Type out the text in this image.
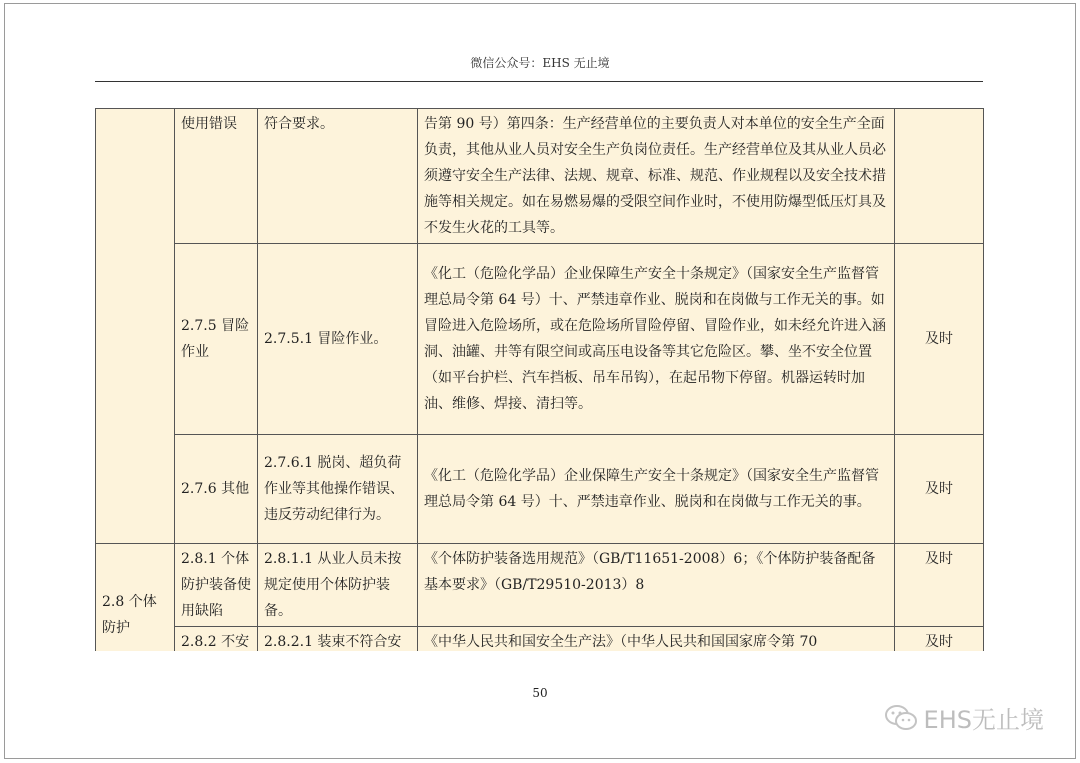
微信公众号：EHS 无止境
	使用错误	符合要求。	告第 90 号）第四条：生产经营单位的主要负责人对本单位的安全生产全面负责，其他从业人员对安全生产负岗位责任。生产经营单位及其从业人员必须遵守安全生产法律、法规、规章、标准、规范、作业规程以及安全技术措施等相关规定。如在易燃易爆的受限空间作业时，不使用防爆型低压灯具及不发生火花的工具等。	
	2.7.5 冒险作业	2.7.5.1 冒险作业。	《化工（危险化学品）企业保障生产安全十条规定》（国家安全生产监督管理总局令第 64 号）十、严禁违章作业、脱岗和在岗做与工作无关的事。如冒险进入危险场所，或在危险场所冒险停留、冒险作业，如未经允许进入涵洞、油罐、井等有限空间或高压电设备等其它危险区。攀、坐不安全位置（如平台护栏、汽车挡板、吊车吊钩），在起吊物下停留。机器运转时加油、维修、焊接、清扫等。	及时
	2.7.6 其他	2.7.6.1 脱岗、超负荷作业等其他操作错误、违反劳动纪律行为。	《化工（危险化学品）企业保障生产安全十条规定》（国家安全生产监督管理总局令第 64 号）十、严禁违章作业、脱岗和在岗做与工作无关的事。	及时
2.8 个体防护	2.8.1 个体防护装备使用缺陷	2.8.1.1 从业人员未按规定使用个体防护装备。	《个体防护装备选用规范》（GB/T11651-2008）6；《个体防护装备配备基本要求》（GB/T29510-2013）8	及时
	2.8.2 不安	2.8.2.1 装束不符合安	《中华人民共和国安全生产法》（中华人民共和国国家席令第 70	及时
50
EHS无止境
